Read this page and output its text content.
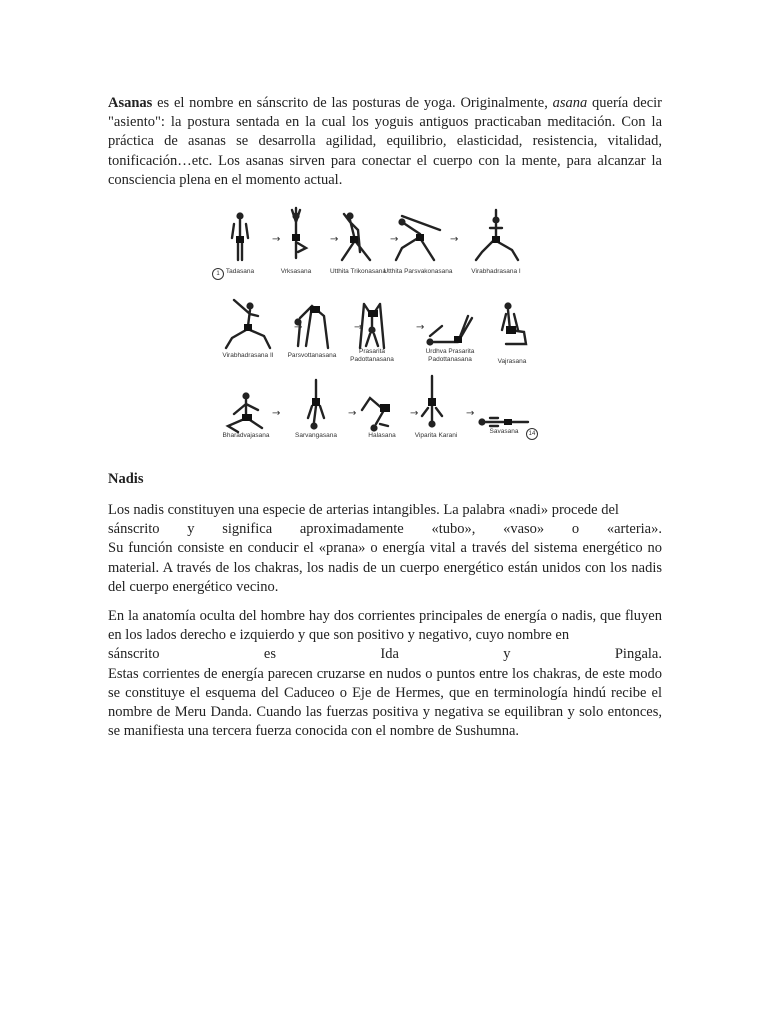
Asanas es el nombre en sánscrito de las posturas de yoga. Originalmente, asana quería decir "asiento": la postura sentada en la cual los yoguis antiguos practicaban meditación. Con la práctica de asanas se desarrolla agilidad, equilibrio, elasticidad, resistencia, vitalidad, tonificación…etc. Los asanas sirven para conectar el cuerpo con la mente, para alcanzar la consciencia plena en el momento actual.

Tadasana	Vrksasana	Utthita Trikonasana
Utthita Parsvakonasana	Virabhadrasana I
Virabhadrasana II	Parsvottanasana
Prasarita Padottanasana
Urdhva Prasarita Padottanasana	Vajrasana
Bharadvajasana	Sarvangasana	Halasana	Viparita Karani
Savasana
→	→	→	→
→	→	→
→	→	→	→
1
14
Nadis

Los nadis constituyen una especie de arterias intangibles. La palabra «nadi» procede del
sánscrito y significa aproximadamente «tubo», «vaso» o «arteria».
Su función consiste en conducir el «prana» o energía vital a través del sistema energético no material. A través de los chakras, los nadis de un cuerpo energético están unidos con los nadis del cuerpo energético vecino.

En la anatomía oculta del hombre hay dos corrientes principales de energía o nadis, que fluyen en los lados derecho e izquierdo y que son positivo y negativo, cuyo nombre en
sánscrito es Ida y Pingala.
Estas corrientes de energía parecen cruzarse en nudos o puntos entre los chakras, de este modo se constituye el esquema del Caduceo o Eje de Hermes, que en terminología hindú recibe el nombre de Meru Danda. Cuando las fuerzas positiva y negativa se equilibran y solo entonces, se manifiesta una tercera fuerza conocida con el nombre de Sushumna.
